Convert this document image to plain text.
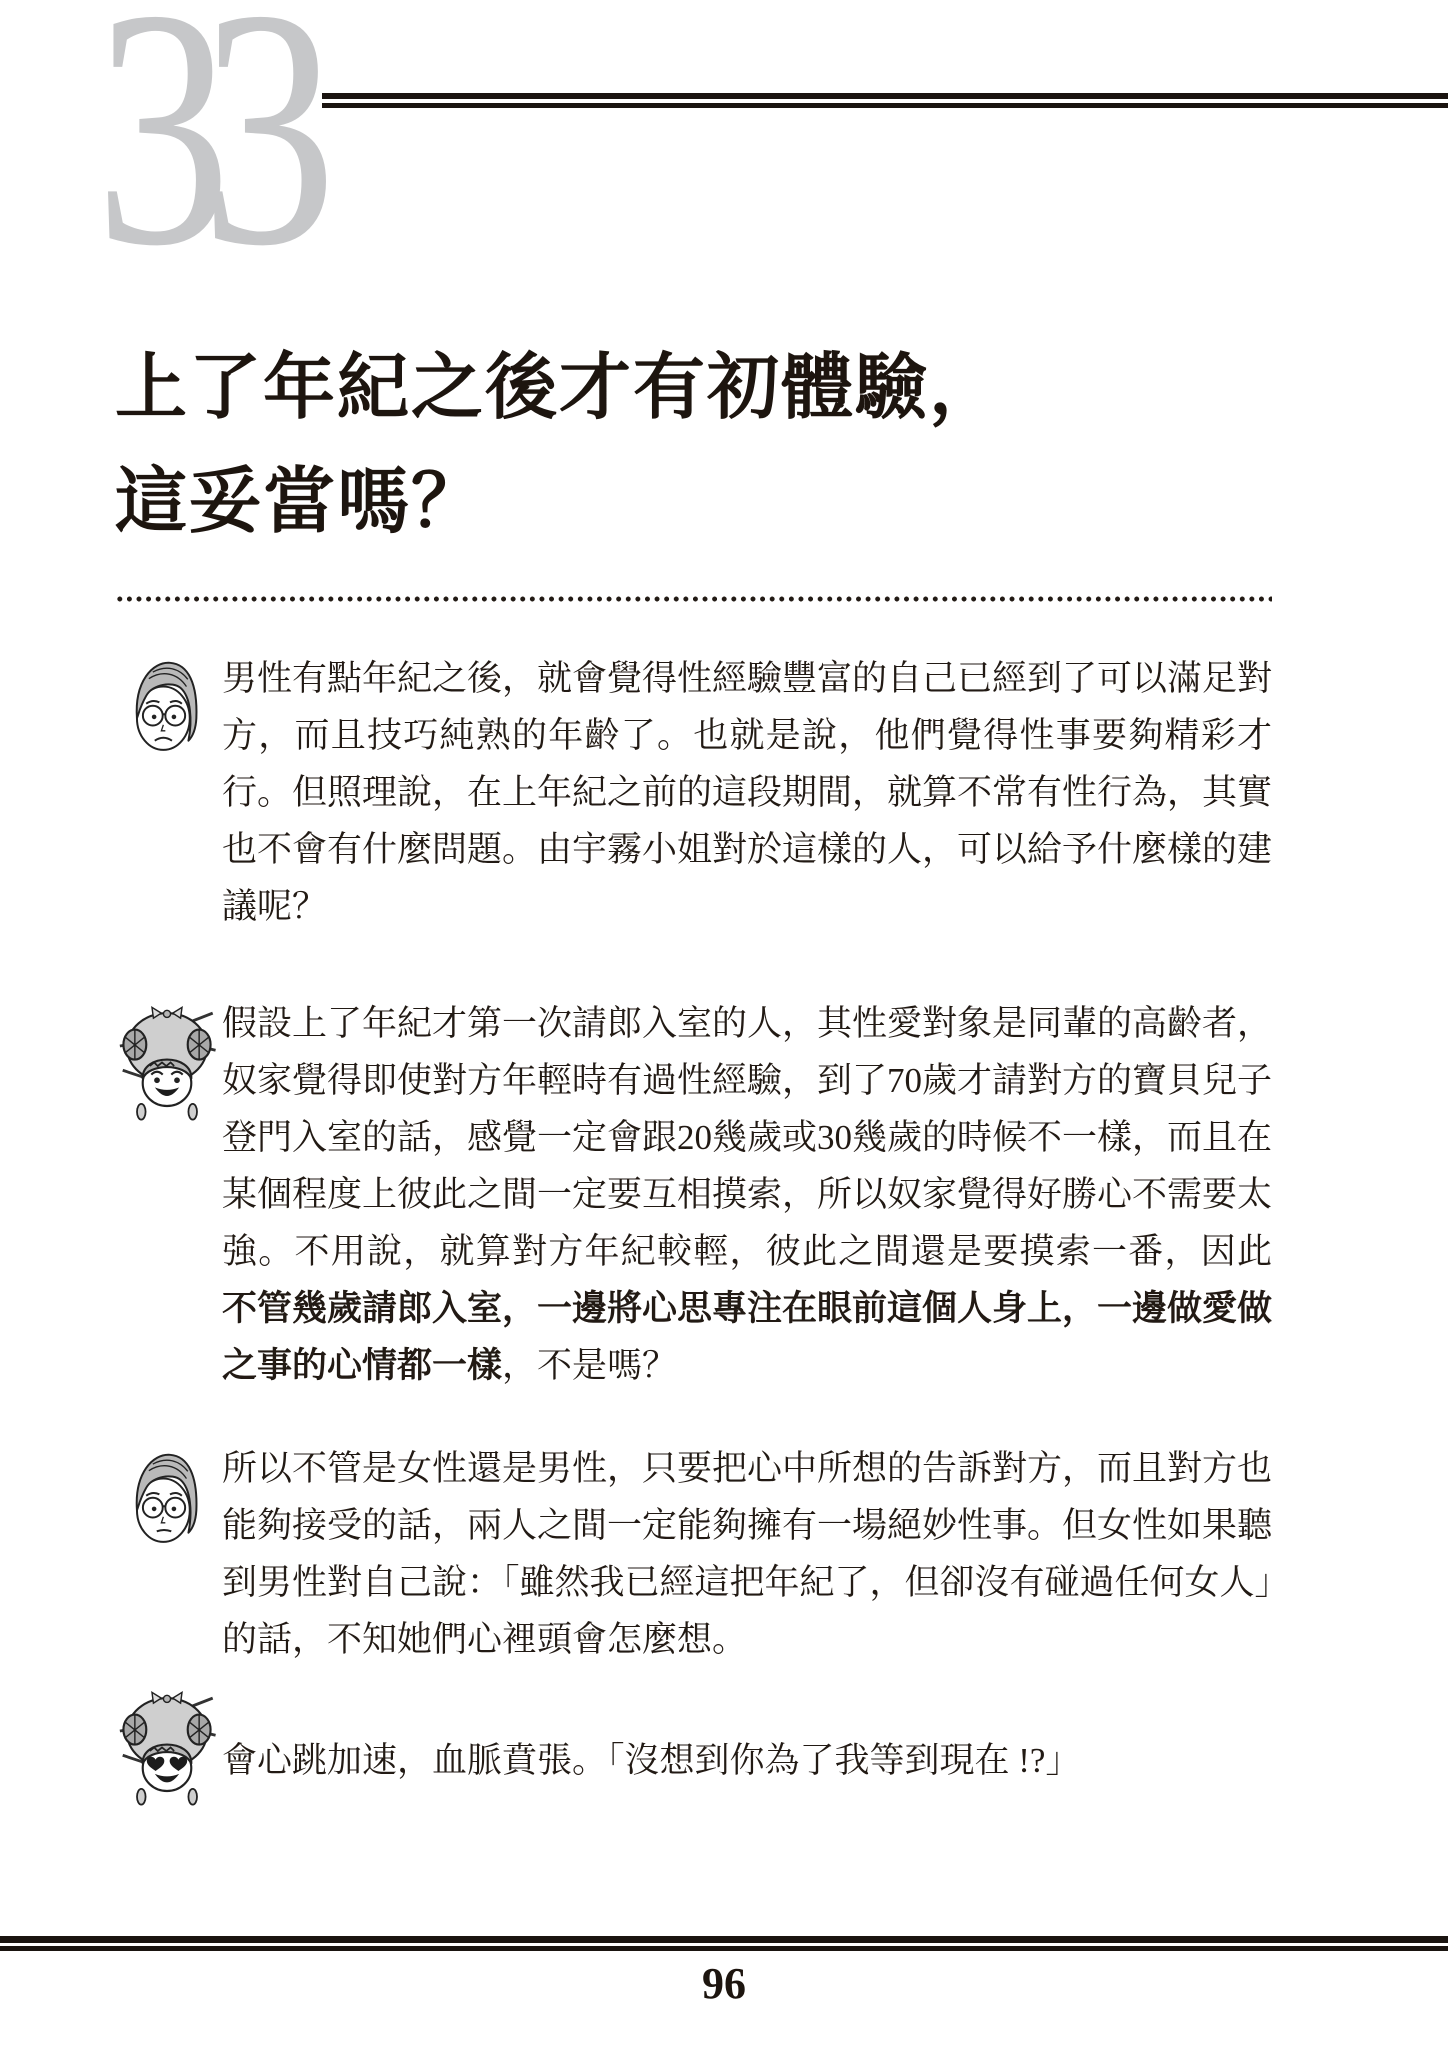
33
上了年紀之後才有初體驗，
這妥當嗎？

男性有點年紀之後，就會覺得性經驗豐富的自己已經到了可以滿足對方，而且技巧純熟的年齡了。也就是說，他們覺得性事要夠精彩才行。但照理說，在上年紀之前的這段期間，就算不常有性行為，其實也不會有什麼問題。由宇霧小姐對於這樣的人，可以給予什麼樣的建議呢？

假設上了年紀才第一次請郎入室的人，其性愛對象是同輩的高齡者，奴家覺得即使對方年輕時有過性經驗，到了70歲才請對方的寶貝兒子登門入室的話，感覺一定會跟20幾歲或30幾歲的時候不一樣，而且在某個程度上彼此之間一定要互相摸索，所以奴家覺得好勝心不需要太強。不用說，就算對方年紀較輕，彼此之間還是要摸索一番，因此不管幾歲請郎入室，一邊將心思專注在眼前這個人身上，一邊做愛做之事的心情都一樣，不是嗎？

所以不管是女性還是男性，只要把心中所想的告訴對方，而且對方也能夠接受的話，兩人之間一定能夠擁有一場絕妙性事。但女性如果聽到男性對自己說：「雖然我已經這把年紀了，但卻沒有碰過任何女人」的話，不知她們心裡頭會怎麼想。

會心跳加速，血脈賁張。「沒想到你為了我等到現在 !?」

96
